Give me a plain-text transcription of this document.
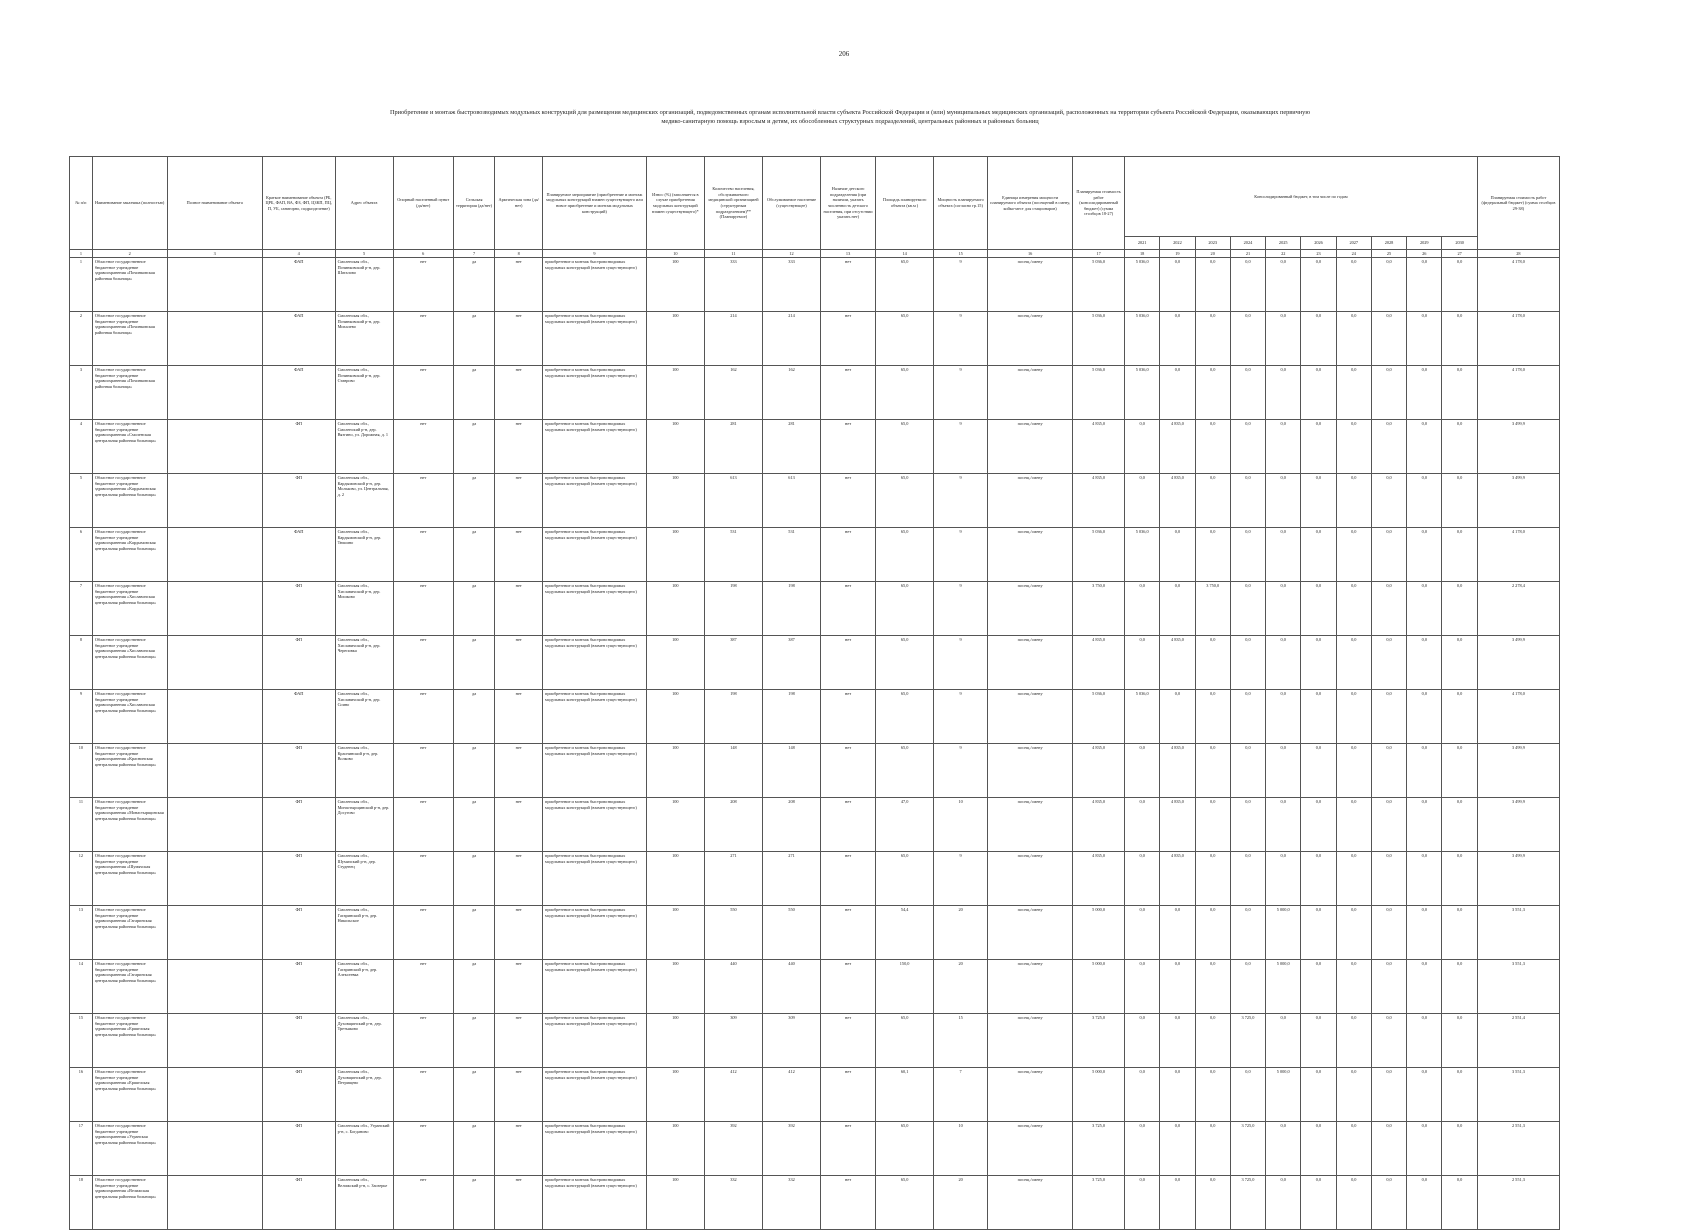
206
Приобретение и монтаж быстровозводимых модульных конструкций для размещения медицинских организаций, подведомственных органам исполнительной власти субъекта Российской Федерации и (или) муниципальных медицинских организаций, расположенных на территории субъекта Российской Федерации, оказывающих первичную медико-санитарную помощь взрослым и детям, их обособленных структурных подразделений, центральных районных и районных больниц
№ п/п	Наименование заказчика (полностью)	Полное наименование объекта	Краткое наименование объекта (РБ, ЦРБ, ФАП, ВА, ФЗ, ФП, ЦЗКП, ПЦ, П, УБ, санаторно, подразделение)	Адрес объекта	Опорный населенный пункт (да/нет)	Сельская территория (да/нет)	Арктическая зона (да/нет)	Планируемое мероприятие (приобретение и монтаж модульных конструкций взамен существующего или новое приобретение и монтаж модульных конструкций)	Износ (%) (заполняется в случае приобретения модульных конструкций взамен существующего)*	Количество населения, обслуживаемого медицинской организацией (структурным подразделением)** (Планируемое)	Обслуживаемое население (существующее)	Наличие детского подразделения (при наличии, указать численность детского населения, при отсутствии указать нет)	Площадь планируемого объекта (кв.м )	Мощность планируемого объекта (согласно гр.15)	Единица измерения мощности планируемого объекта (посещений в смену, койко-мест для стационаров)	Планируемая стоимость работ (консолидированный бюджет) (сумма столбцов 18-27)	Консолидированный бюджет, в том числе по годам										Планируемая стоимость работ (федеральный бюджет) (сумма столбцов 29-38)
																	2021	2022	2023	2024	2025	2026	2027	2028	2029	2030	
1	2	3	4	5	6	7	8	9	10	11	12	13	14	15	16	17	18	19	20	21	22	23	24	25	26	27	28
1	Областное государственное бюджетное учреждение здравоохранения «Починковская районная больница»		ФАП	Смоленская обл., Починковский р-н, дер. Шаталово	нет	да	нет	приобретение и монтаж быстровозводимых модульных конструкций (взамен существующего)	100	333	333	нет	65,0	9	посещ./смену	5 036,0	5 036,0	0,0	0,0	0,0	0,0	0,0	0,0	0,0	0,0	0,0	4 178,0
2	Областное государственное бюджетное учреждение здравоохранения «Починковская районная больница»		ФАП	Смоленская обл., Починковский р-н, дер. Михалево	нет	да	нет	приобретение и монтаж быстровозводимых модульных конструкций (взамен существующего)	100	214	214	нет	65,0	9	посещ./смену	5 036,0	5 036,0	0,0	0,0	0,0	0,0	0,0	0,0	0,0	0,0	0,0	4 178,0
3	Областное государственное бюджетное учреждение здравоохранения «Починковская районная больница»		ФАП	Смоленская обл., Починковский р-н, дер. Ставрово	нет	да	нет	приобретение и монтаж быстровозводимых модульных конструкций (взамен существующего)	100	162	162	нет	65,0	9	посещ./смену	5 036,0	5 036,0	0,0	0,0	0,0	0,0	0,0	0,0	0,0	0,0	0,0	4 178,0
4	Областное государственное бюджетное учреждение здравоохранения «Смоленская центральная районная больница»		ФП	Смоленская обл., Смоленский р-н, дер. Вязгино, ул. Дорожная, д. 1	нет	да	нет	приобретение и монтаж быстровозводимых модульных конструкций (взамен существующего)	100	281	281	нет	65,0	9	посещ./смену	4 835,0	0,0	4 835,0	0,0	0,0	0,0	0,0	0,0	0,0	0,0	0,0	3 499,9
5	Областное государственное бюджетное учреждение здравоохранения «Кардымовская центральная районная больница»		ФП	Смоленская обл., Кардымовский р-н, дер. Мольково, ул. Центральная, д. 2	нет	да	нет	приобретение и монтаж быстровозводимых модульных конструкций (взамен существующего)	100	613	613	нет	65,0	9	посещ./смену	4 835,0	0,0	4 835,0	0,0	0,0	0,0	0,0	0,0	0,0	0,0	0,0	3 499,9
6	Областное государственное бюджетное учреждение здравоохранения «Кардымовская центральная районная больница»		ФАП	Смоленская обл., Кардымовский р-н, дер. Тюшино	нет	да	нет	приобретение и монтаж быстровозводимых модульных конструкций (взамен существующего)	100	531	531	нет	65,0	9	посещ./смену	5 036,0	5 036,0	0,0	0,0	0,0	0,0	0,0	0,0	0,0	0,0	0,0	4 178,0
7	Областное государственное бюджетное учреждение здравоохранения «Хиславичская центральная районная больница»		ФП	Смоленская обл., Хиславичский р-н, дер. Мошково	нет	да	нет	приобретение и монтаж быстровозводимых модульных конструкций (взамен существующего)	100	198	198	нет	65,0	9	посещ./смену	3 750,0	0,0	0,0	3 750,0	0,0	0,0	0,0	0,0	0,0	0,0	0,0	2 278,4
8	Областное государственное бюджетное учреждение здравоохранения «Хиславичская центральная районная больница»		ФП	Смоленская обл., Хиславичский р-н, дер. Череповка	нет	да	нет	приобретение и монтаж быстровозводимых модульных конструкций (взамен существующего)	100	387	387	нет	65,0	9	посещ./смену	4 835,0	0,0	4 835,0	0,0	0,0	0,0	0,0	0,0	0,0	0,0	0,0	3 499,9
9	Областное государственное бюджетное учреждение здравоохранения «Хиславичская центральная районная больница»		ФАП	Смоленская обл., Хиславичский р-н, дер. Соино	нет	да	нет	приобретение и монтаж быстровозводимых модульных конструкций (взамен существующего)	100	198	198	нет	65,0	9	посещ./смену	5 036,0	5 036,0	0,0	0,0	0,0	0,0	0,0	0,0	0,0	0,0	0,0	4 178,0
10	Областное государственное бюджетное учреждение здравоохранения «Краснинская центральная районная больница»		ФП	Смоленская обл., Краснинский р-н, дер. Волково	нет	да	нет	приобретение и монтаж быстровозводимых модульных конструкций (взамен существующего)	100	148	148	нет	65,0	9	посещ./смену	4 835,0	0,0	4 835,0	0,0	0,0	0,0	0,0	0,0	0,0	0,0	0,0	3 499,9
11	Областное государственное бюджетное учреждение здравоохранения «Монастырщинская центральная районная больница»		ФП	Смоленская обл., Монастырщинский р-н, дер. Досугово	нет	да	нет	приобретение и монтаж быстровозводимых модульных конструкций (взамен существующего)	100	208	208	нет	47,0	10	посещ./смену	4 835,0	0,0	4 835,0	0,0	0,0	0,0	0,0	0,0	0,0	0,0	0,0	3 499,9
12	Областное государственное бюджетное учреждение здравоохранения «Шумячская центральная районная больница»		ФП	Смоленская обл., Шумячский р-н, дер. Студенец	нет	да	нет	приобретение и монтаж быстровозводимых модульных конструкций (взамен существующего)	100	271	271	нет	65,0	9	посещ./смену	4 835,0	0,0	4 835,0	0,0	0,0	0,0	0,0	0,0	0,0	0,0	0,0	3 499,9
13	Областное государственное бюджетное учреждение здравоохранения «Гагаринская центральная районная больница»		ФП	Смоленская обл., Гагаринский р-н, дер. Никольское	нет	да	нет	приобретение и монтаж быстровозводимых модульных конструкций (взамен существующего)	100	550	550	нет	54,4	20	посещ./смену	5 000,0	0,0	0,0	0,0	0,0	5 000,0	0,0	0,0	0,0	0,0	0,0	3 551,3
14	Областное государственное бюджетное учреждение здравоохранения «Гагаринская центральная районная больница»		ФП	Смоленская обл., Гагаринский р-н, дер. Алексеевка	нет	да	нет	приобретение и монтаж быстровозводимых модульных конструкций (взамен существующего)	100	440	440	нет	150,0	20	посещ./смену	5 000,0	0,0	0,0	0,0	0,0	5 000,0	0,0	0,0	0,0	0,0	0,0	3 551,3
15	Областное государственное бюджетное учреждение здравоохранения «Ершичская центральная районная больница»		ФП	Смоленская обл., Духовщинский р-н, дер. Третьяково	нет	да	нет	приобретение и монтаж быстровозводимых модульных конструкций (взамен существующего)	100	309	309	нет	65,0	15	посещ./смену	3 725,0	0,0	0,0	0,0	3 725,0	0,0	0,0	0,0	0,0	0,0	0,0	2 551,4
16	Областное государственное бюджетное учреждение здравоохранения «Ершичская центральная районная больница»		ФП	Смоленская обл., Духовщинский р-н, дер. Петрищево	нет	да	нет	приобретение и монтаж быстровозводимых модульных конструкций (взамен существующего)	100	412	412	нет	60,1	7	посещ./смену	5 000,0	0,0	0,0	0,0	0,0	5 000,0	0,0	0,0	0,0	0,0	0,0	3 551,3
17	Областное государственное бюджетное учреждение здравоохранения «Угранская центральная районная больница»		ФП	Смоленская обл., Угранский р-н, с. Богданово	нет	да	нет	приобретение и монтаж быстровозводимых модульных конструкций (взамен существующего)	100	392	392	нет	65,0	10	посещ./смену	3 725,0	0,0	0,0	0,0	3 725,0	0,0	0,0	0,0	0,0	0,0	0,0	2 551,3
18	Областное государственное бюджетное учреждение здравоохранения «Велижская центральная районная больница»		ФП	Смоленская обл., Велижский р-н, с. Заозерье	нет	да	нет	приобретение и монтаж быстровозводимых модульных конструкций (взамен существующего)	100	332	332	нет	65,0	20	посещ./смену	3 725,0	0,0	0,0	0,0	3 725,0	0,0	0,0	0,0	0,0	0,0	0,0	2 551,3
